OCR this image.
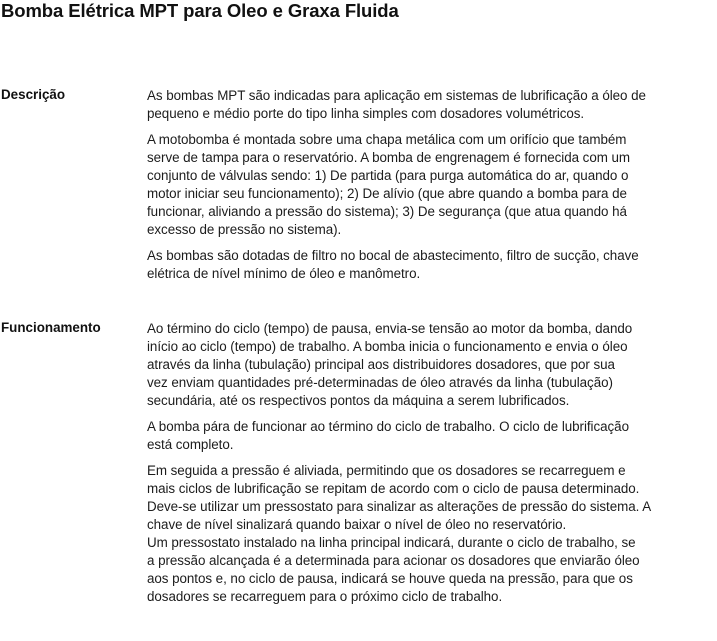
Bomba Elétrica MPT para Oleo e Graxa Fluida
Descrição	As bombas MPT são indicadas para aplicação em sistemas de lubrificação a óleo de
pequeno e médio porte do tipo linha simples com dosadores volumétricos.

A motobomba é montada sobre uma chapa metálica com um orifício que também
serve de tampa para o reservatório. A bomba de engrenagem é fornecida com um
conjunto de válvulas sendo: 1) De partida (para purga automática do ar, quando o
motor iniciar seu funcionamento); 2) De alívio (que abre quando a bomba para de
funcionar, aliviando a pressão do sistema); 3) De segurança (que atua quando há
excesso de pressão no sistema).

As bombas são dotadas de filtro no bocal de abastecimento, filtro de sucção, chave
elétrica de nível mínimo de óleo e manômetro.

Funcionamento	Ao término do ciclo (tempo) de pausa, envia-se tensão ao motor da bomba, dando
início ao ciclo (tempo) de trabalho. A bomba inicia o funcionamento e envia o óleo
através da linha (tubulação) principal aos distribuidores dosadores, que por sua
vez enviam quantidades pré-determinadas de óleo através da linha (tubulação)
secundária, até os respectivos pontos da máquina a serem lubrificados.

A bomba pára de funcionar ao término do ciclo de trabalho. O ciclo de lubrificação
está completo.

Em seguida a pressão é aliviada, permitindo que os dosadores se recarreguem e
mais ciclos de lubrificação se repitam de acordo com o ciclo de pausa determinado.
Deve-se utilizar um pressostato para sinalizar as alterações de pressão do sistema. A
chave de nível sinalizará quando baixar o nível de óleo no reservatório.
Um pressostato instalado na linha principal indicará, durante o ciclo de trabalho, se
a pressão alcançada é a determinada para acionar os dosadores que enviarão óleo
aos pontos e, no ciclo de pausa, indicará se houve queda na pressão, para que os
dosadores se recarreguem para o próximo ciclo de trabalho.
